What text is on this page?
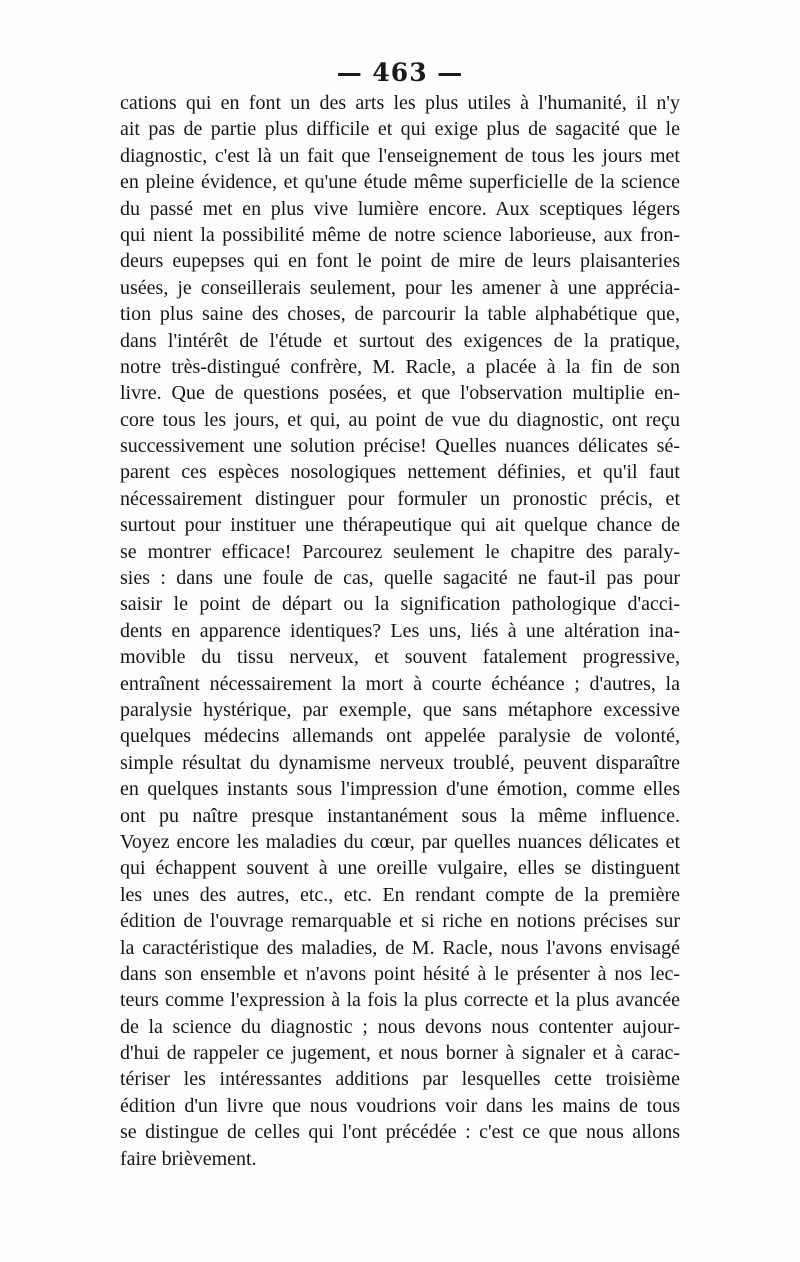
— 463 —
cations qui en font un des arts les plus utiles à l'humanité, il n'y
ait pas de partie plus difficile et qui exige plus de sagacité que le
diagnostic, c'est là un fait que l'enseignement de tous les jours met
en pleine évidence, et qu'une étude même superficielle de la science
du passé met en plus vive lumière encore. Aux sceptiques légers
qui nient la possibilité même de notre science laborieuse, aux fron-
deurs eupepses qui en font le point de mire de leurs plaisanteries
usées, je conseillerais seulement, pour les amener à une apprécia-
tion plus saine des choses, de parcourir la table alphabétique que,
dans l'intérêt de l'étude et surtout des exigences de la pratique,
notre très-distingué confrère, M. Racle, a placée à la fin de son
livre. Que de questions posées, et que l'observation multiplie en-
core tous les jours, et qui, au point de vue du diagnostic, ont reçu
successivement une solution précise! Quelles nuances délicates sé-
parent ces espèces nosologiques nettement définies, et qu'il faut
nécessairement distinguer pour formuler un pronostic précis, et
surtout pour instituer une thérapeutique qui ait quelque chance de
se montrer efficace! Parcourez seulement le chapitre des paraly-
sies : dans une foule de cas, quelle sagacité ne faut-il pas pour
saisir le point de départ ou la signification pathologique d'acci-
dents en apparence identiques? Les uns, liés à une altération ina-
movible du tissu nerveux, et souvent fatalement progressive,
entraînent nécessairement la mort à courte échéance ; d'autres, la
paralysie hystérique, par exemple, que sans métaphore excessive
quelques médecins allemands ont appelée paralysie de volonté,
simple résultat du dynamisme nerveux troublé, peuvent disparaître
en quelques instants sous l'impression d'une émotion, comme elles
ont pu naître presque instantanément sous la même influence.
Voyez encore les maladies du cœur, par quelles nuances délicates et
qui échappent souvent à une oreille vulgaire, elles se distinguent
les unes des autres, etc., etc. En rendant compte de la première
édition de l'ouvrage remarquable et si riche en notions précises sur
la caractéristique des maladies, de M. Racle, nous l'avons envisagé
dans son ensemble et n'avons point hésité à le présenter à nos lec-
teurs comme l'expression à la fois la plus correcte et la plus avancée
de la science du diagnostic ; nous devons nous contenter aujour-
d'hui de rappeler ce jugement, et nous borner à signaler et à carac-
tériser les intéressantes additions par lesquelles cette troisième
édition d'un livre que nous voudrions voir dans les mains de tous
se distingue de celles qui l'ont précédée : c'est ce que nous allons
faire brièvement.
